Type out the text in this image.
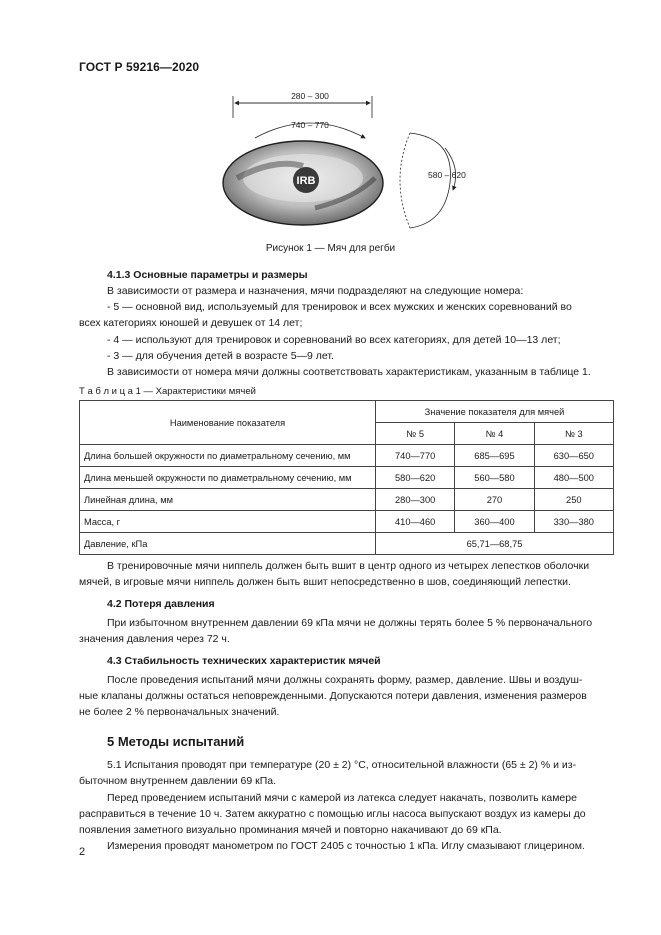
ГОСТ Р 59216—2020
280 – 300
740 – 770
IRB	580 – 620
Рисунок 1 — Мяч для регби
4.1.3 Основные параметры и размеры
В зависимости от размера и назначения, мячи подразделяют на следующие номера:
- 5 — основной вид, используемый для тренировок и всех мужских и женских соревнований во
всех категориях юношей и девушек от 14 лет;
- 4 — используют для тренировок и соревнований во всех категориях, для детей 10—13 лет;
- 3 — для обучения детей в возрасте 5—9 лет.
В зависимости от номера мячи должны соответствовать характеристикам, указанным в таблице 1.
Т а б л и ц а 1 — Характеристики мячей
Наименование показателя	Значение показателя для мячей		
	№ 5	№ 4	№ 3
Длина большей окружности по диаметральному сечению, мм	740—770	685—695	630—650
Длина меньшей окружности по диаметральному сечению, мм	580—620	560—580	480—500
Линейная длина, мм	280—300	270	250
Масса, г	410—460	360—400	330—380
Давление, кПа	65,71—68,75		
В тренировочные мячи ниппель должен быть вшит в центр одного из четырех лепестков оболочки
мячей, в игровые мячи ниппель должен быть вшит непосредственно в шов, соединяющий лепестки.
4.2 Потеря давления
При избыточном внутреннем давлении 69 кПа мячи не должны терять более 5 % первоначального
значения давления через 72 ч.
4.3 Стабильность технических характеристик мячей
После проведения испытаний мячи должны сохранять форму, размер, давление. Швы и воздуш-
ные клапаны должны остаться неповрежденными. Допускаются потери давления, изменения размеров
не более 2 % первоначальных значений.
5 Методы испытаний
5.1 Испытания проводят при температуре (20 ± 2) °С, относительной влажности (65 ± 2) % и из-
быточном внутреннем давлении 69 кПа.
Перед проведением испытаний мячи с камерой из латекса следует накачать, позволить камере
расправиться в течение 10 ч. Затем аккуратно с помощью иглы насоса выпускают воздух из камеры до
появления заметного визуально проминания мячей и повторно накачивают до 69 кПа.
Измерения проводят манометром по ГОСТ 2405 с точностью 1 кПа. Иглу смазывают глицерином.
2
